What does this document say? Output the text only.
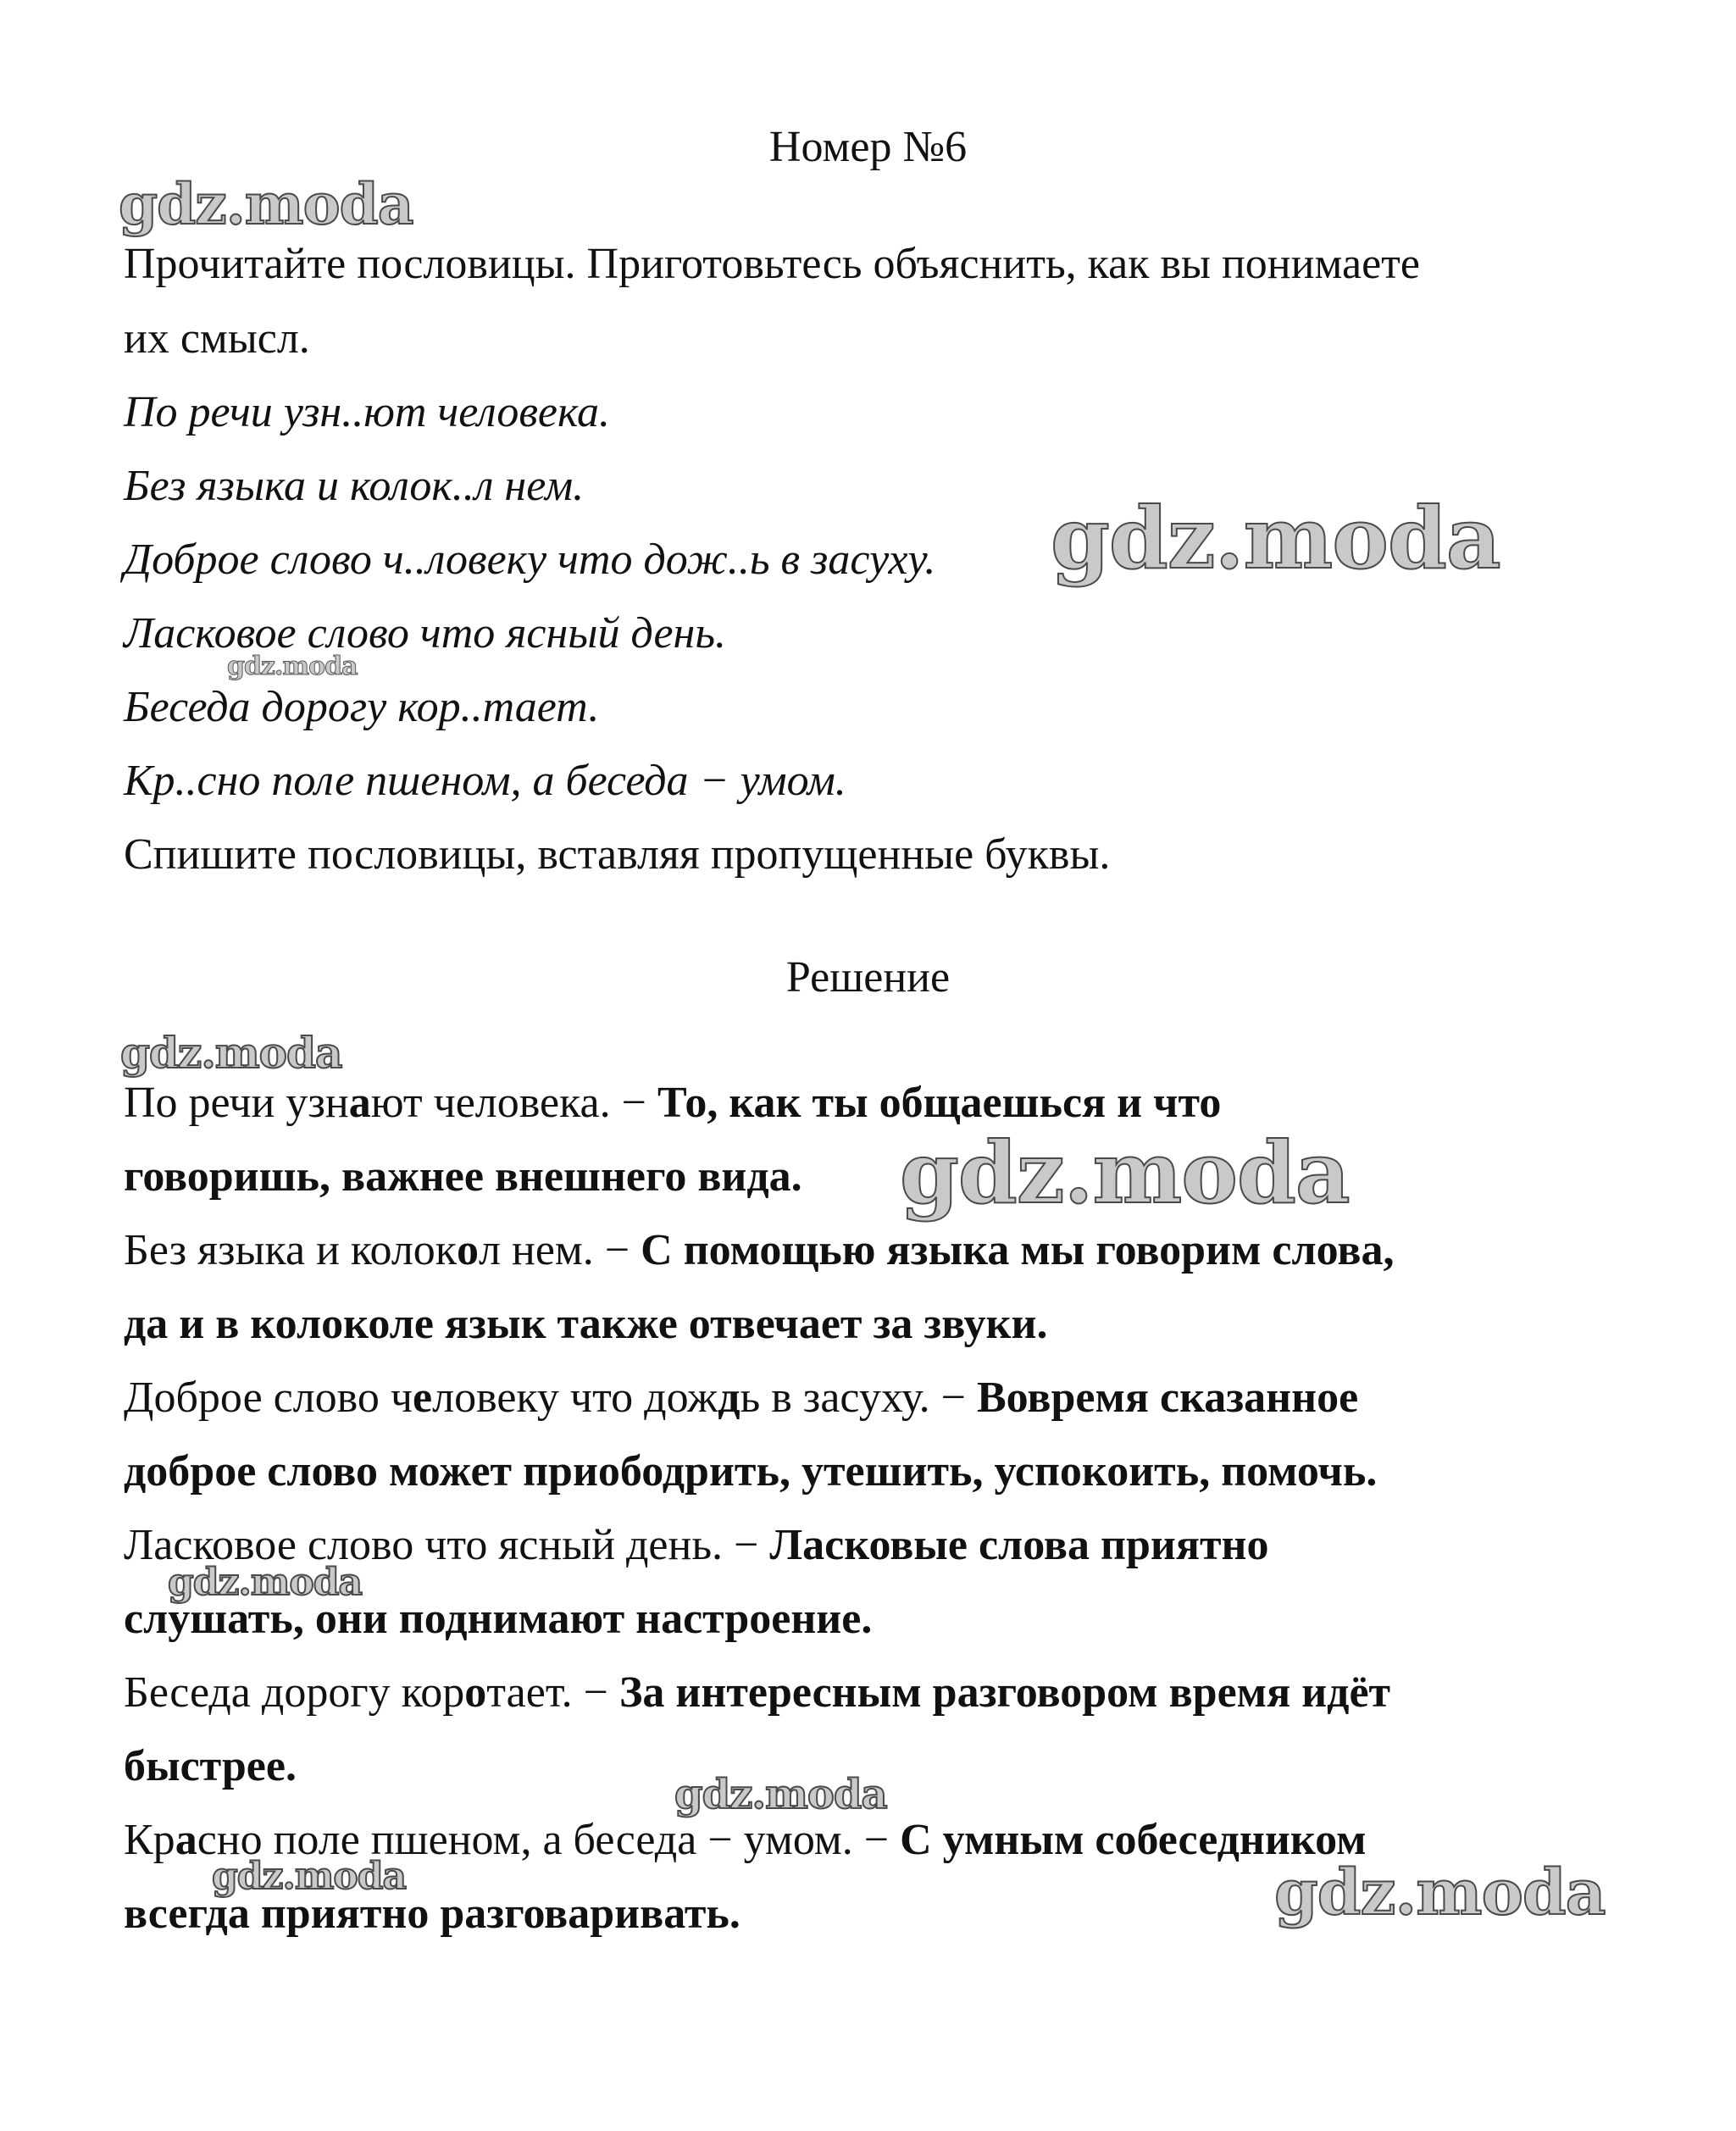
Номер №6
Прочитайте пословицы. Приготовьтесь объяснить, как вы понимаете
их смысл.
По речи узн..ют человека.
Без языка и колок..л нем.
Доброе слово ч..ловеку что дож..ь в засуху.
Ласковое слово что ясный день.
Беседа дорогу кор..тает.
Кр..сно поле пшеном, а беседа − умом.
Спишите пословицы, вставляя пропущенные буквы.
Решение
По речи узнают человека. − То, как ты общаешься и что
говоришь, важнее внешнего вида.
Без языка и колокол нем. − С помощью языка мы говорим слова,
да и в колоколе язык также отвечает за звуки.
Доброе слово человеку что дождь в засуху. − Вовремя сказанное
доброе слово может приободрить, утешить, успокоить, помочь.
Ласковое слово что ясный день. − Ласковые слова приятно
слушать, они поднимают настроение.
Беседа дорогу коротает. − За интересным разговором время идёт
быстрее.
Красно поле пшеном, а беседа − умом. − С умным собеседником
всегда приятно разговаривать.
gdz.moda
gdz.moda
gdz.moda
gdz.moda
gdz.moda
gdz.moda
gdz.moda
gdz.moda	gdz.moda
